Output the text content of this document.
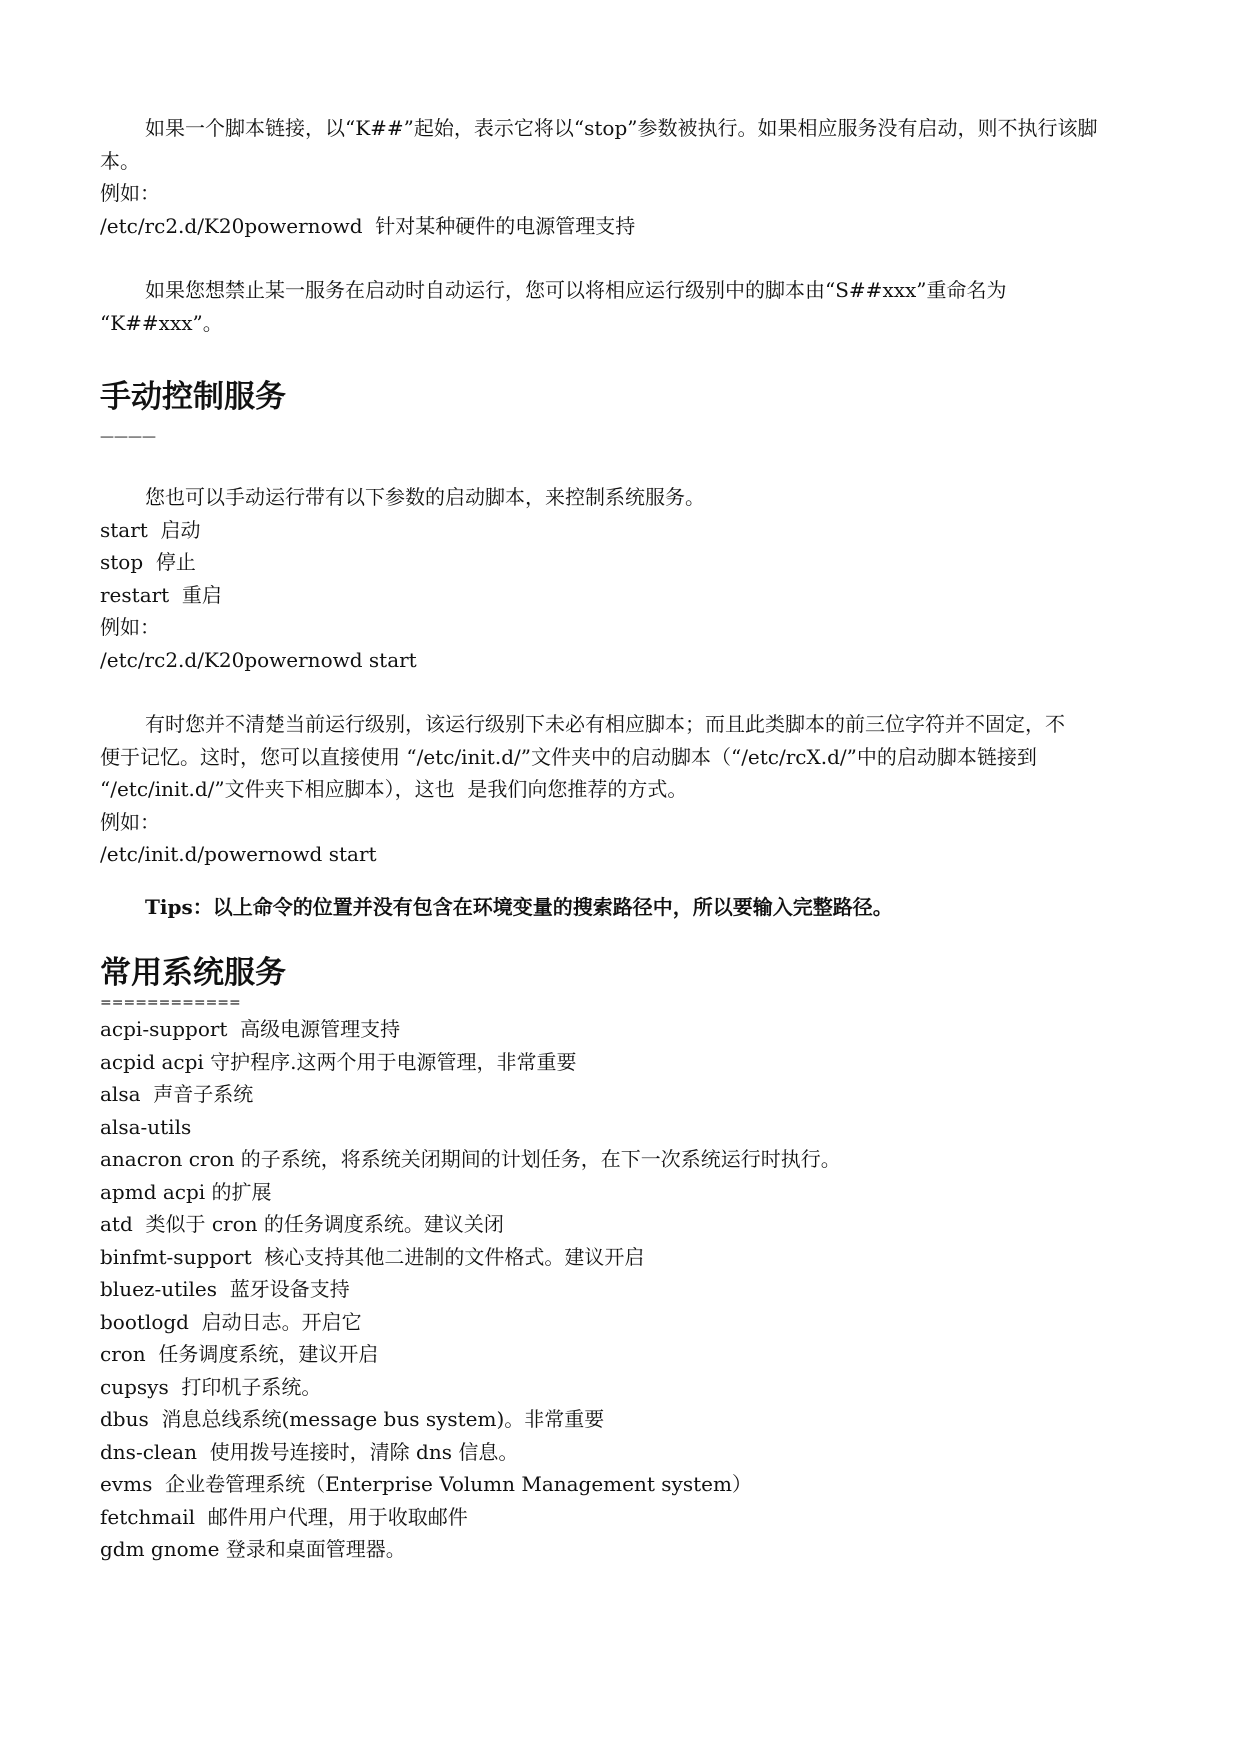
如果一个脚本链接，以“K##”起始，表示它将以“stop”参数被执行。如果相应服务没有启动，则不执行该脚

本。

例如：

/etc/rc2.d/K20powernowd  针对某种硬件的电源管理支持

如果您想禁止某一服务在启动时自动运行，您可以将相应运行级别中的脚本由“S##xxx”重命名为

“K##xxx”。

手动控制服务

————

您也可以手动运行带有以下参数的启动脚本，来控制系统服务。

start  启动

stop  停止

restart  重启

例如：

/etc/rc2.d/K20powernowd start

有时您并不清楚当前运行级别，该运行级别下未必有相应脚本；而且此类脚本的前三位字符并不固定，不

便于记忆。这时，您可以直接使用 “/etc/init.d/”文件夹中的启动脚本（“/etc/rcX.d/”中的启动脚本链接到

“/etc/init.d/”文件夹下相应脚本），这也  是我们向您推荐的方式。

例如：

/etc/init.d/powernowd start

Tips：以上命令的位置并没有包含在环境变量的搜索路径中，所以要输入完整路径。

常用系统服务

============

acpi-support  高级电源管理支持

acpid acpi 守护程序.这两个用于电源管理，非常重要

alsa  声音子系统

alsa-utils

anacron cron 的子系统，将系统关闭期间的计划任务，在下一次系统运行时执行。

apmd acpi 的扩展

atd  类似于 cron 的任务调度系统。建议关闭

binfmt-support  核心支持其他二进制的文件格式。建议开启

bluez-utiles  蓝牙设备支持

bootlogd  启动日志。开启它

cron  任务调度系统，建议开启

cupsys  打印机子系统。

dbus  消息总线系统(message bus system)。非常重要

dns-clean  使用拨号连接时，清除 dns 信息。

evms  企业卷管理系统（Enterprise Volumn Management system）

fetchmail  邮件用户代理，用于收取邮件

gdm gnome 登录和桌面管理器。
